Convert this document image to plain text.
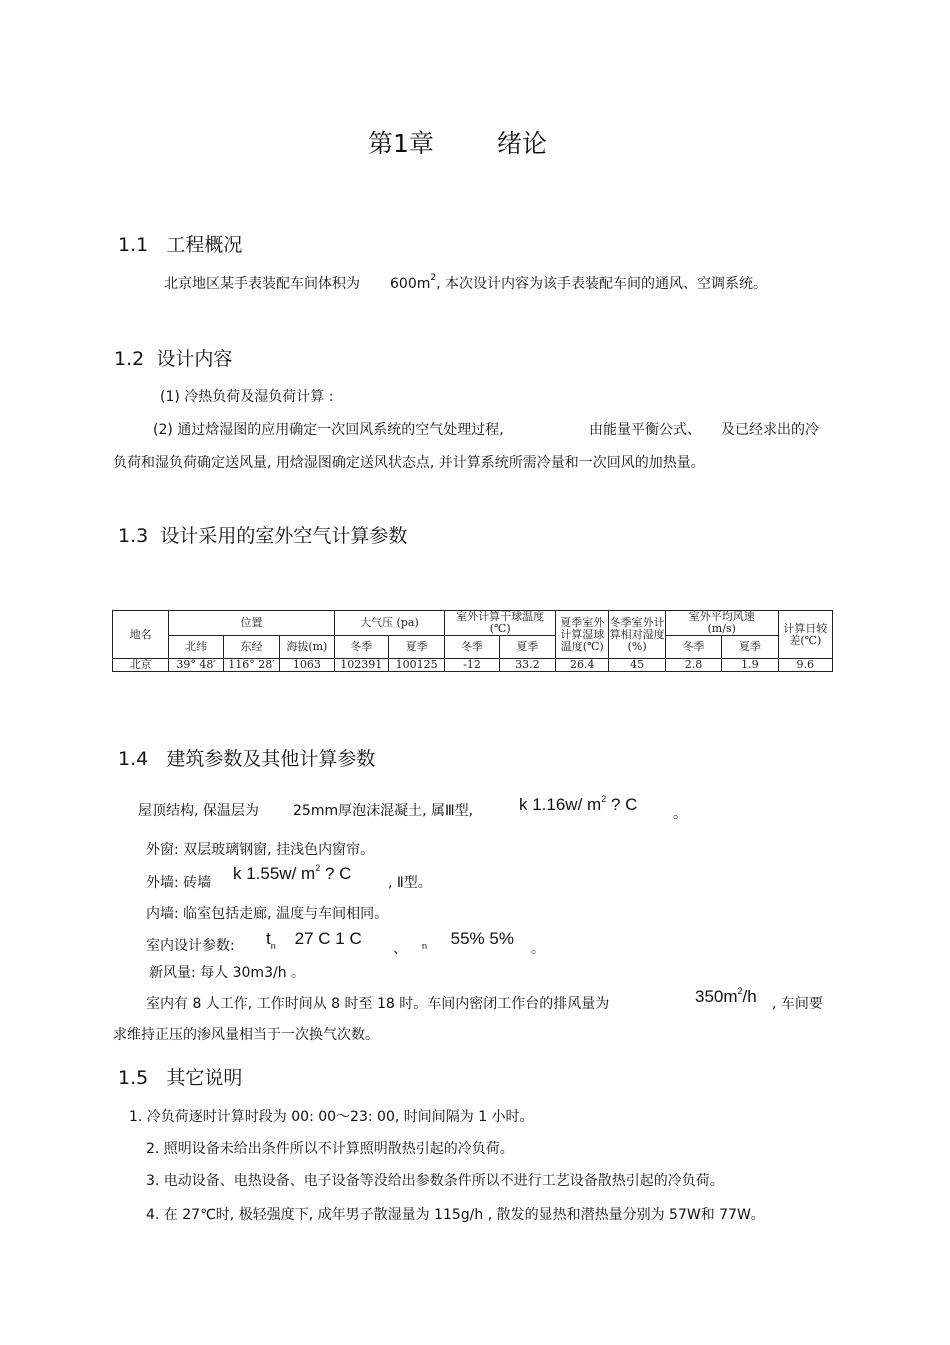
第1章	绪论
1.1 工程概况
北京地区某手表装配车间体积为 $600m^2$, 本次设计内容为该手表装配车间的通风、空调系统。
1.2 设计内容
(1) 冷热负荷及湿负荷计算 :
(2) 通过焓湿图的应用确定一次回风系统的空气处理过程,	由能量平衡公式、 及已经求出的冷
负荷和湿负荷确定送风量, 用焓湿图确定送风状态点, 并计算系统所需冷量和一次回风的加热量。
1.3 设计采用的室外空气计算参数
地名	位置			大气压 (pa)		室外计算干球温度(℃)		夏季室外计算湿球温度(℃)	冬季室外计算相对湿度(%)	室外平均风速(m/s)		计算日较差(℃)
	北纬	东经	海拔(m)	冬季	夏季	冬季	夏季			冬季	夏季	
北京	39° 48′	116° 28′	1063	102391	100125	-12	33.2	26.4	45	2.8	1.9	9.6
1.4 建筑参数及其他计算参数
屋顶结构, 保温层为 25mm厚泡沫混凝土, 属Ⅲ型,	k 1.16w/ $m^2$ ? C	。
外窗: 双层玻璃钢窗, 挂浅色内窗帘。
外墙: 砖墙 k 1.55w/ $m^2$ ? C	, Ⅱ型。
内墙: 临室包括走廊, 温度与车间相同。
室内设计参数: $t_n$ 27 C 1 C
、 $_n$ 55% 5%
。
新风量: 每人 30m3/h 。
室内有 8 人工作, 工作时间从 8 时至 18 时。车间内密闭工作台的排风量为	$350m^2/h$ , 车间要
求维持正压的渗风量相当于一次换气次数。
1.5 其它说明
1. 冷负荷逐时计算时段为 00: 00～23: 00, 时间间隔为 1 小时。
2. 照明设备未给出条件所以不计算照明散热引起的冷负荷。
3. 电动设备、电热设备、电子设备等没给出参数条件所以不进行工艺设备散热引起的冷负荷。
4. 在 27℃时, 极轻强度下, 成年男子散湿量为 115g/h , 散发的显热和潜热量分别为 57W和 77W。
